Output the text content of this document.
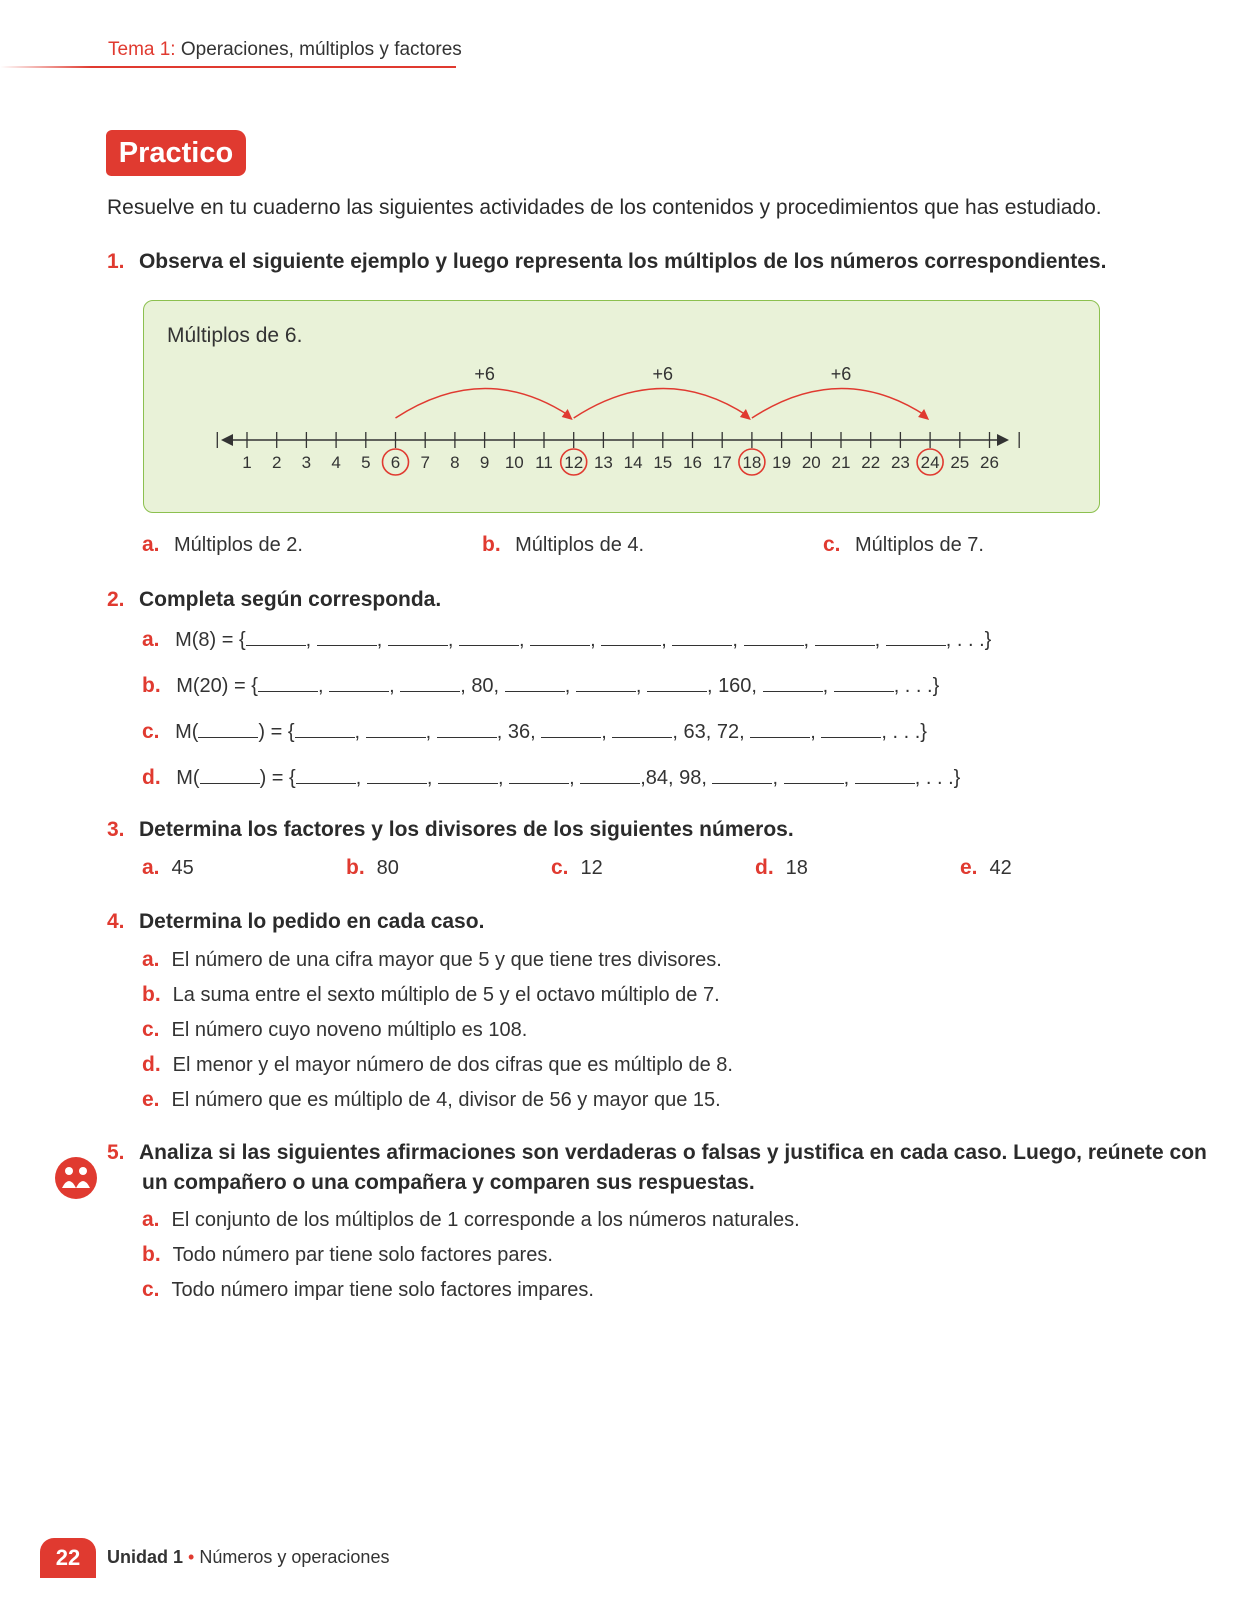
Tema 1: Operaciones, múltiplos y factores
Practico
Resuelve en tu cuaderno las siguientes actividades de los contenidos y procedimientos que has estudiado.
1. Observa el siguiente ejemplo y luego representa los múltiplos de los números correspondientes.
Múltiplos de 6.
1 2 3 4 5 6 7 8 9 10 11 12 13 14 15 16 17 18 19 20 21 22 23 24 25 26
+6	+6	+6
a. Múltiplos de 2.	b. Múltiplos de 4.	c. Múltiplos de 7.
2. Completa según corresponda.
a. M(8) = {	,	,	,	,	,	,	,	,	,	, . . .}
b. M(20) = {	,	,	, 80,	,	,	, 160,	,	, . . .}
c. M(	) = {	,	,	, 36,	,	, 63, 72,	,	, . . .}
d. M(	) = {	,	,	,	,	,84, 98,	,	,	, . . .}
3. Determina los factores y los divisores de los siguientes números.
a. 45	b. 80	c. 12	d. 18	e. 42
4. Determina lo pedido en cada caso.
a. El número de una cifra mayor que 5 y que tiene tres divisores.
b. La suma entre el sexto múltiplo de 5 y el octavo múltiplo de 7.
c. El número cuyo noveno múltiplo es 108.
d. El menor y el mayor número de dos cifras que es múltiplo de 8.
e. El número que es múltiplo de 4, divisor de 56 y mayor que 15.
5. Analiza si las siguientes afirmaciones son verdaderas o falsas y justifica en cada caso. Luego, reúnete con
un compañero o una compañera y comparen sus respuestas.
a. El conjunto de los múltiplos de 1 corresponde a los números naturales.
b. Todo número par tiene solo factores pares.
c. Todo número impar tiene solo factores impares.
22	Unidad 1 • Números y operaciones
